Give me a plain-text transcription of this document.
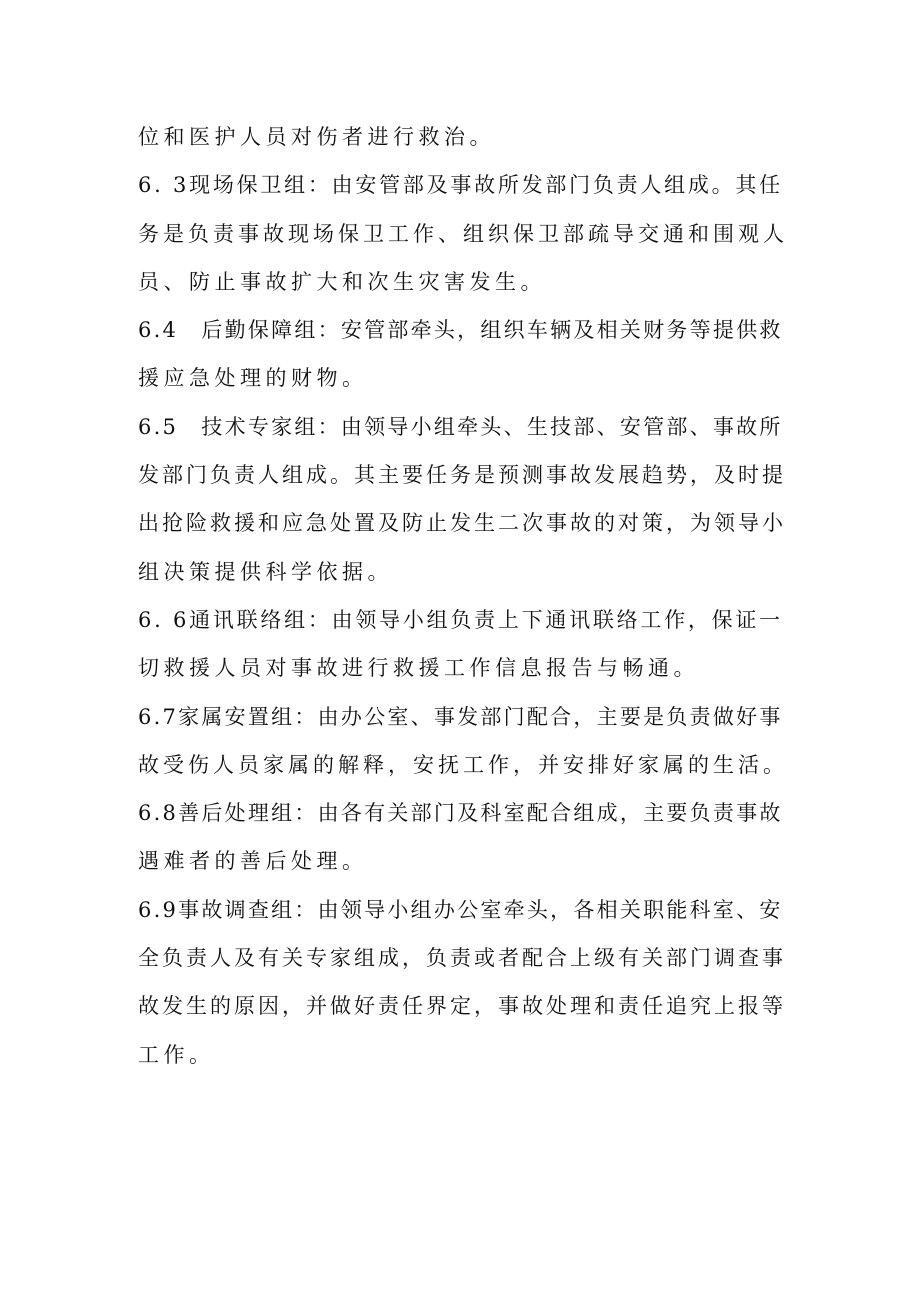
位和医护人员对伤者进行救治。
6. 3现场保卫组：由安管部及事故所发部门负责人组成。其任
务是负责事故现场保卫工作、组织保卫部疏导交通和围观人
员、防止事故扩大和次生灾害发生。
6.4　后勤保障组：安管部牵头，组织车辆及相关财务等提供救
援应急处理的财物。
6.5　技术专家组：由领导小组牵头、生技部、安管部、事故所
发部门负责人组成。其主要任务是预测事故发展趋势，及时提
出抢险救援和应急处置及防止发生二次事故的对策，为领导小
组决策提供科学依据。
6. 6通讯联络组：由领导小组负责上下通讯联络工作，保证一
切救援人员对事故进行救援工作信息报告与畅通。
6.7家属安置组：由办公室、事发部门配合，主要是负责做好事
故受伤人员家属的解释，安抚工作，并安排好家属的生活。
6.8善后处理组：由各有关部门及科室配合组成，主要负责事故
遇难者的善后处理。
6.9事故调查组：由领导小组办公室牵头，各相关职能科室、安
全负责人及有关专家组成，负责或者配合上级有关部门调查事
故发生的原因，并做好责任界定，事故处理和责任追究上报等
工作。
